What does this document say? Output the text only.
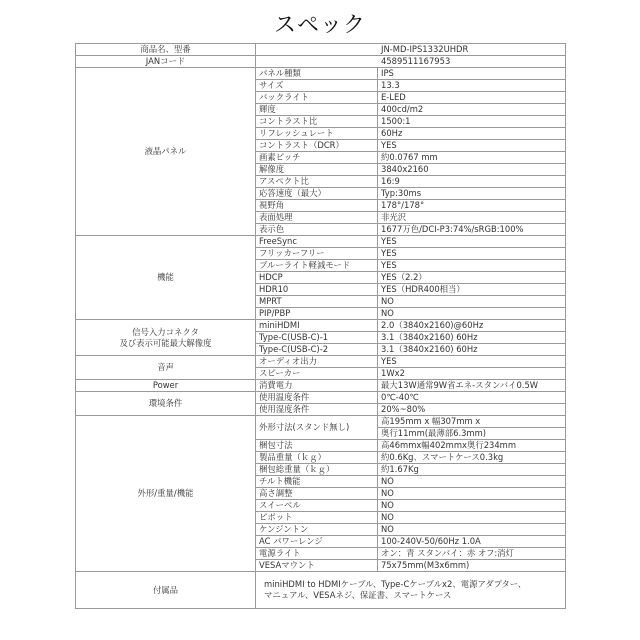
スペック
商品名、型番	JN-MD-IPS1332UHDR	
JANコード	4589511167953	
液晶パネル	パネル種類	IPS
	サイズ	13.3
	バックライト	E-LED
	輝度	400cd/m2
	コントラスト比	1500:1
	リフレッシュレート	60Hz
	コントラスト（DCR）	YES
	画素ピッチ	約0.0767 mm
	解像度	3840x2160
	アスペクト比	16:9
	応答速度（最大）	Typ:30ms
	視野角	178°/178°
	表面処理	非光沢
	表示色	1677万色/DCI-P3:74%/sRGB:100%
機能	FreeSync	YES
	フリッカーフリー	YES
	ブルーライト軽減モード	YES
	HDCP	YES（2.2）
	HDR10	YES（HDR400相当）
	MPRT	NO
	PIP/PBP	NO
信号入力コネクタ
及び表示可能最大解像度	miniHDMI	2.0（3840x2160)@60Hz
	Type-C(USB-C)-1	3.1（3840x2160) 60Hz
	Type-C(USB-C)-2	3.1（3840x2160) 60Hz
音声	オーディオ出力	YES
	スピーカー	1Wx2
Power	消費電力	最大13W通常9W省エネ-スタンバイ0.5W
環境条件	使用温度条件	0℃-40℃
	使用湿度条件	20%~80%
外形/重量/機能	外形寸法(スタンド無し)	高195mm x 幅307mm x
		奥行11mm(最薄部6.3mm)
	梱包寸法	高46mmx幅402mmx奥行234mm
	製品重量（ｋｇ）	約0.6Kg、スマートケース0.3kg
	梱包総重量（ｋｇ）	約1.67Kg
	チルト機能	NO
	高さ調整	NO
	スイーベル	NO
	ピボット	NO
	ケンジントン	NO
	AC パワーレンジ	100-240V-50/60Hz 1.0A
	電源ライト	オン：青 スタンバイ：赤 オフ:消灯
	VESAマウント	75x75mm(M3x6mm)
付属品	miniHDMI to HDMIケーブル、Type-Cケーブルx2、電源アダプター、
マニュアル、VESAネジ、保証書、スマートケース	
